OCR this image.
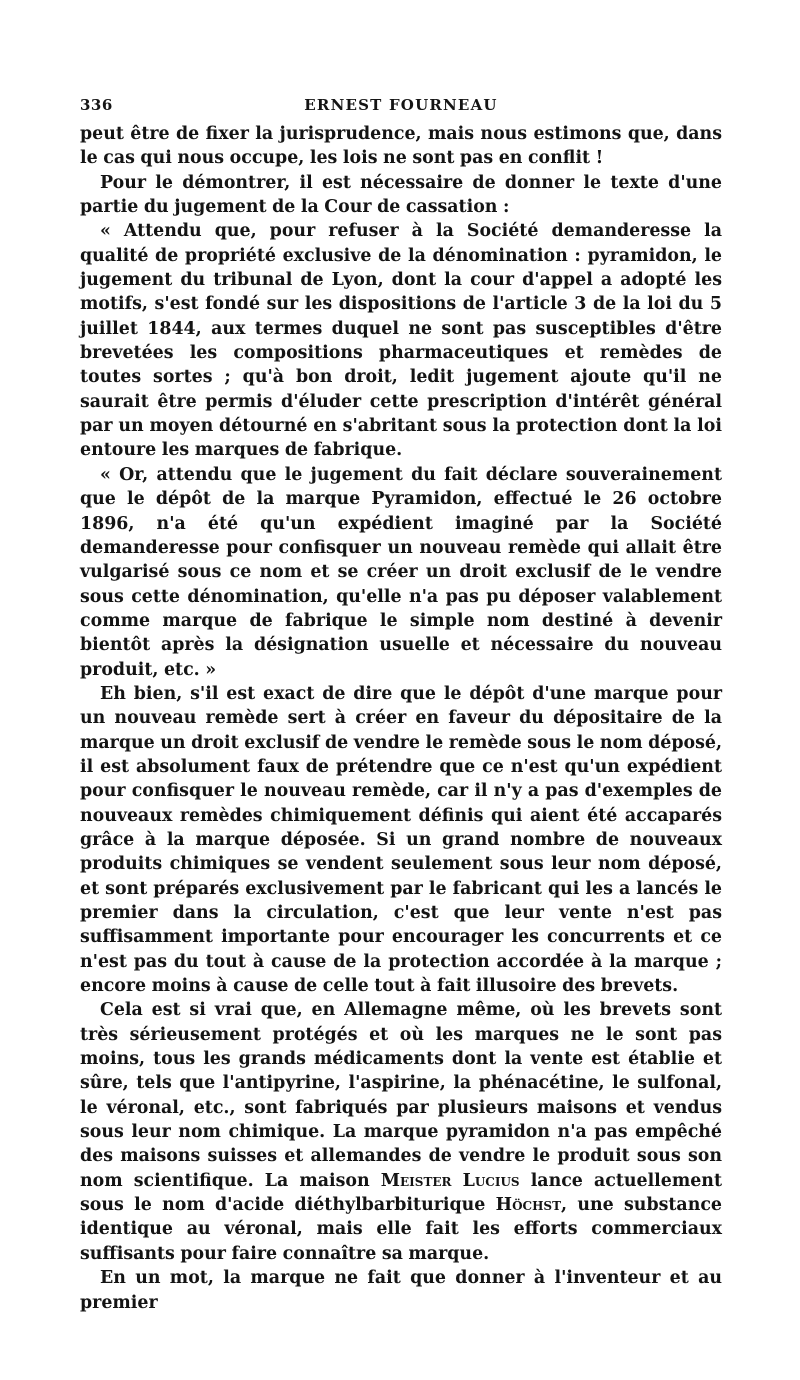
336	ERNEST FOURNEAU

peut être de fixer la jurisprudence, mais nous estimons que, dans le cas qui nous occupe, les lois ne sont pas en conflit !

Pour le démontrer, il est nécessaire de donner le texte d'une partie du jugement de la Cour de cassation :

« Attendu que, pour refuser à la Société demanderesse la qualité de propriété exclusive de la dénomination : pyramidon, le jugement du tribunal de Lyon, dont la cour d'appel a adopté les motifs, s'est fondé sur les dispositions de l'article 3 de la loi du 5 juillet 1844, aux termes duquel ne sont pas susceptibles d'être brevetées les compositions pharmaceutiques et remèdes de toutes sortes ; qu'à bon droit, ledit jugement ajoute qu'il ne saurait être permis d'éluder cette prescription d'intérêt général par un moyen détourné en s'abritant sous la protection dont la loi entoure les marques de fabrique.

« Or, attendu que le jugement du fait déclare souverainement que le dépôt de la marque Pyramidon, effectué le 26 octobre 1896, n'a été qu'un expédient imaginé par la Société demanderesse pour confisquer un nouveau remède qui allait être vulgarisé sous ce nom et se créer un droit exclusif de le vendre sous cette dénomination, qu'elle n'a pas pu déposer valablement comme marque de fabrique le simple nom destiné à devenir bientôt après la désignation usuelle et nécessaire du nouveau produit, etc. »

Eh bien, s'il est exact de dire que le dépôt d'une marque pour un nouveau remède sert à créer en faveur du dépositaire de la marque un droit exclusif de vendre le remède sous le nom déposé, il est absolument faux de prétendre que ce n'est qu'un expédient pour confisquer le nouveau remède, car il n'y a pas d'exemples de nouveaux remèdes chimiquement définis qui aient été accaparés grâce à la marque déposée. Si un grand nombre de nouveaux produits chimiques se vendent seulement sous leur nom déposé, et sont préparés exclusivement par le fabricant qui les a lancés le premier dans la circulation, c'est que leur vente n'est pas suffisamment importante pour encourager les concurrents et ce n'est pas du tout à cause de la protection accordée à la marque ; encore moins à cause de celle tout à fait illusoire des brevets.

Cela est si vrai que, en Allemagne même, où les brevets sont très sérieusement protégés et où les marques ne le sont pas moins, tous les grands médicaments dont la vente est établie et sûre, tels que l'antipyrine, l'aspirine, la phénacétine, le sulfonal, le véronal, etc., sont fabriqués par plusieurs maisons et vendus sous leur nom chimique. La marque pyramidon n'a pas empêché des maisons suisses et allemandes de vendre le produit sous son nom scientifique. La maison Meister Lucius lance actuellement sous le nom d'acide diéthylbarbiturique Höchst, une substance identique au véronal, mais elle fait les efforts commerciaux suffisants pour faire connaître sa marque.

En un mot, la marque ne fait que donner à l'inventeur et au premier
